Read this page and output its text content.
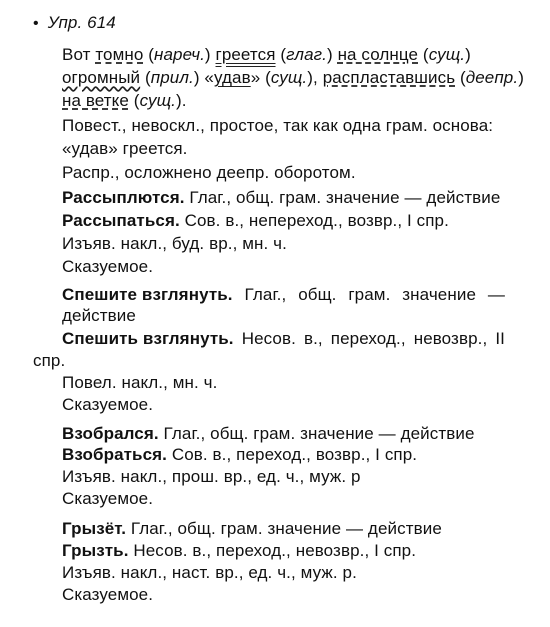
• Упр. 614
Вот томно (нареч.) греется (глаг.) на солнце (сущ.)
огромный (прил.) «удав» (сущ.), распластавшись (деепр.)
на ветке (сущ.).
Повест., невоскл., простое, так как одна грам. основа:
«удав» греется.
Распр., осложнено деепр. оборотом.
Рассыплются. Глаг., общ. грам. значение — действие
Рассыпаться. Сов. в., непереход., возвр., I спр.
Изъяв. накл., буд. вр., мн. ч.
Сказуемое.
Спешите взглянуть. Глаг., общ. грам. значение —
действие
Спешить взглянуть. Несов. в., переход., невозвр., II
спр.
Повел. накл., мн. ч.
Сказуемое.
Взобрался. Глаг., общ. грам. значение — действие
Взобраться. Сов. в., переход., возвр., I спр.
Изъяв. накл., прош. вр., ед. ч., муж. р
Сказуемое.
Грызёт. Глаг., общ. грам. значение — действие
Грызть. Несов. в., переход., невозвр., I спр.
Изъяв. накл., наст. вр., ед. ч., муж. р.
Сказуемое.
